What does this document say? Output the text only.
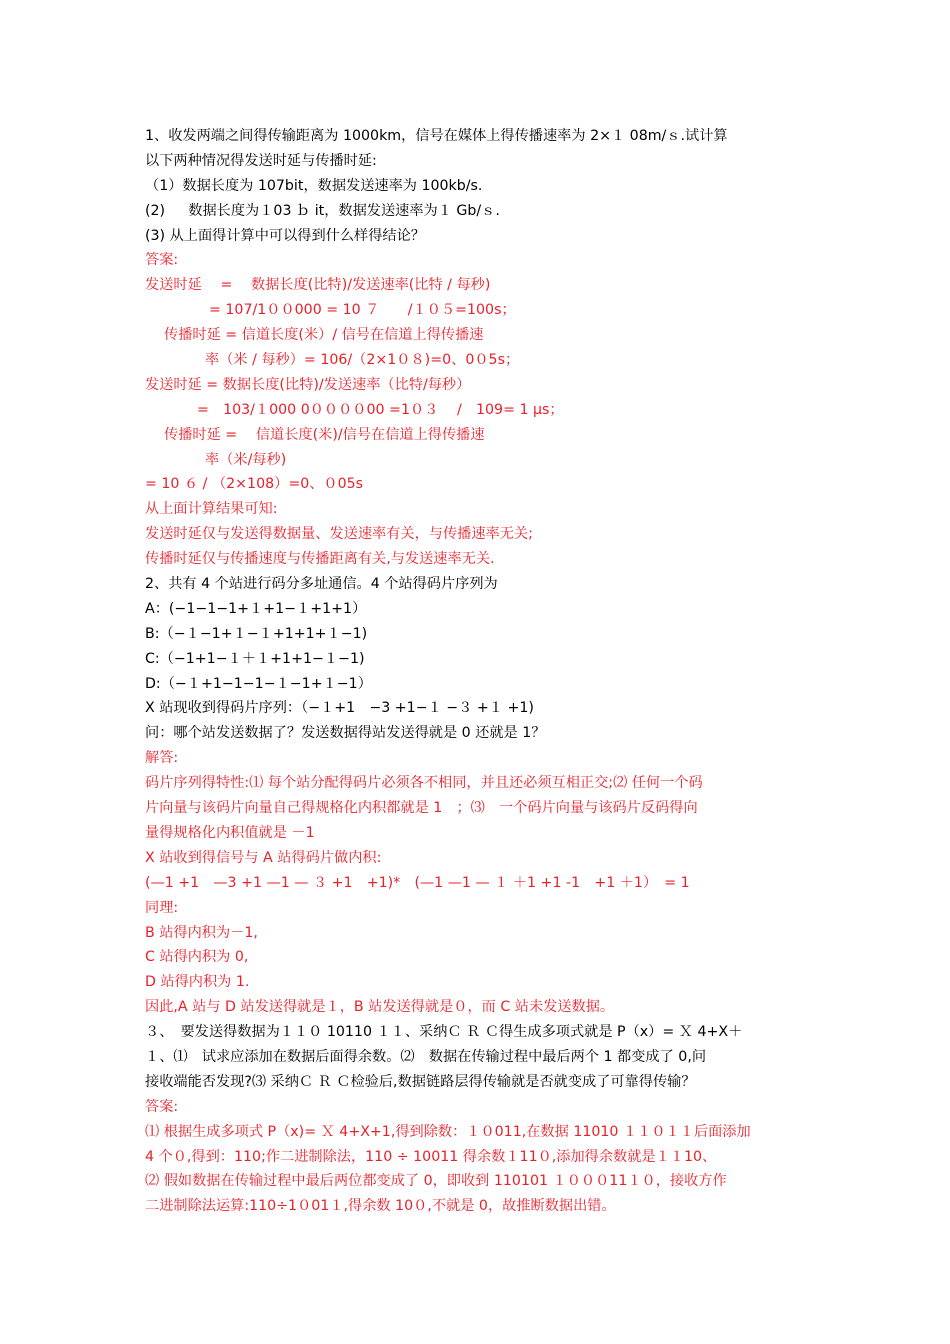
1、收发两端之间得传输距离为 1000km，信号在媒体上得传播速率为 2×１ 08m/ｓ.试计算
以下两种情况得发送时延与传播时延:
（1）数据长度为 107bit，数据发送速率为 100kb/s.
(2)　  数据长度为１03 ｂ it，数据发送速率为１ Gb/ｓ.
(3) 从上面得计算中可以得到什么样得结论？
答案:
发送时延　 =　 数据长度(比特)/发送速率(比特 / 每秒)
= 107/1００000 = 10 ７　　/１０５=100s；
传播时延 = 信道长度(米）/ 信号在信道上得传播速
率（米 / 每秒）= 106/（2×1０８)=0、0０5s；
发送时延 = 数据长度(比特)/发送速率（比特/每秒）
=　103/１000 0００００00 =1０３　 /　109= 1 μs；
传播时延 =　 信道长度(米)/信号在信道上得传播速
率（米/每秒)
= 10 ６ / （2×108）=0、０05s
从上面计算结果可知:
发送时延仅与发送得数据量、发送速率有关，与传播速率无关;
传播时延仅与传播速度与传播距离有关,与发送速率无关.
2、共有 4 个站进行码分多址通信。4 个站得码片序列为
A：(−1−1−1+１+1−１+1+1）
B:（−１−1+１−１+1+1+１−1)
C:（−1+1−１＋１+1+1−１−1)
D:（−１+1−1−1−１−1+１−1）
X 站现收到得码片序列：（−１+1　−3 +1−１ −３ +１ +1)
问：哪个站发送数据了？发送数据得站发送得就是 0 还就是 1？
解答:
码片序列得特性:⑴ 每个站分配得码片必须各不相同，并且还必须互相正交;⑵ 任何一个码
片向量与该码片向量自己得规格化内积都就是 1　；⑶　一个码片向量与该码片反码得向
量得规格化内积值就是 －1
X 站收到得信号与 A 站得码片做内积:
(—1 +1　—3 +1 —1 — ３ +1　+1)*　(—1 —1 — １ ＋1 +1 -1　+1 ＋1）　= 1
同理:
B 站得内积为－1,
C 站得内积为 0,
D 站得内积为 1.
因此,A 站与 D 站发送得就是１，B 站发送得就是０，而 C 站未发送数据。
３、　要发送得数据为１１０ 10110 １１、采纳Ｃ Ｒ Ｃ得生成多项式就是 P（x）= Ｘ 4+X＋
１、⑴　试求应添加在数据后面得余数。⑵　数据在传输过程中最后两个 1 都变成了 0,问
接收端能否发现?⑶ 采纳Ｃ Ｒ Ｃ检验后,数据链路层得传输就是否就变成了可靠得传输？
答案:
⑴ 根据生成多项式 P（x)= Ｘ 4+X+1,得到除数：１０011,在数据 11010 １１０１１后面添加
4 个０,得到：110;作二进制除法，110 ÷ 10011 得余数１11０,添加得余数就是１１10、
⑵ 假如数据在传输过程中最后两位都变成了 0，即收到 110101 １０００11１０，接收方作
二进制除法运算:110÷1０01１,得余数 10０,不就是 0，故推断数据出错。
